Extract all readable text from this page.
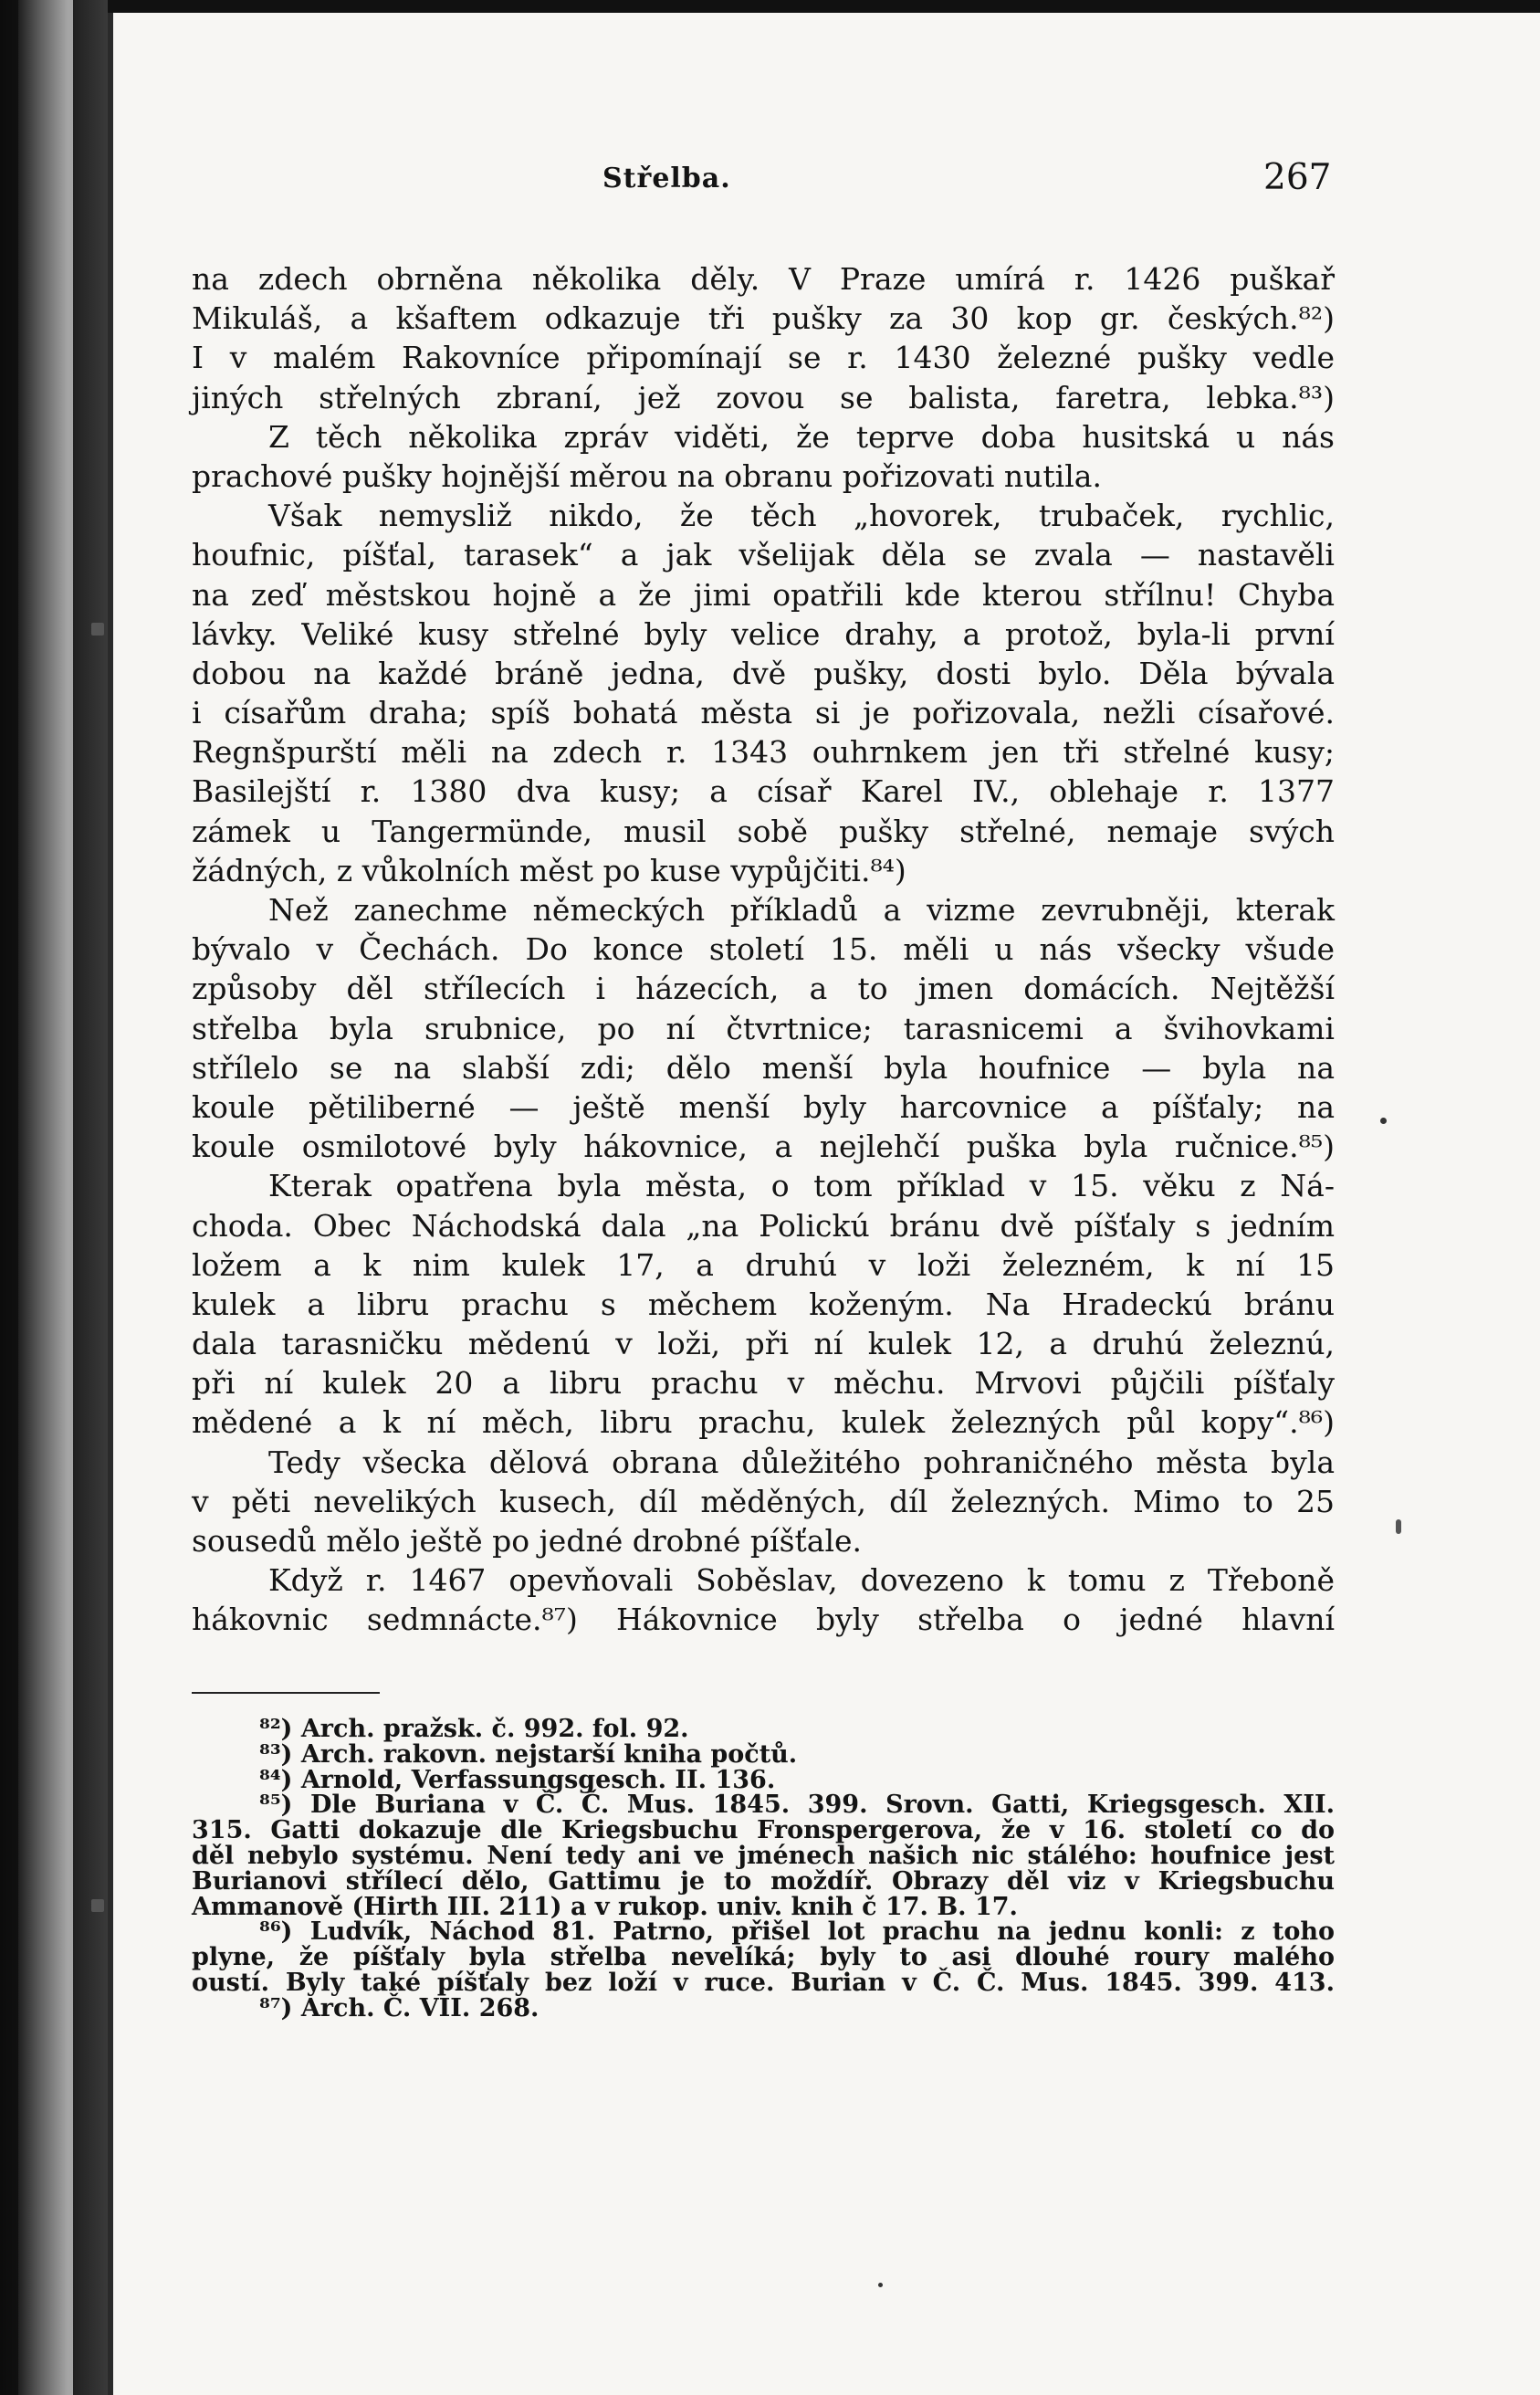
Střelba.	267
na zdech obrněna několika děly. V Praze umírá r. 1426 puškař
Mikuláš, a kšaftem odkazuje tři pušky za 30 kop gr. českých.⁸²)
I v malém Rakovníce připomínají se r. 1430 železné pušky vedle
jiných střelných zbraní, jež zovou se balista, faretra, lebka.⁸³)
Z těch několika zpráv viděti, že teprve doba husitská u nás
prachové pušky hojnější měrou na obranu pořizovati nutila.
Však nemysliž nikdo, že těch „hovorek, trubaček, rychlic,
houfnic, píšťal, tarasek“ a jak všelijak děla se zvala — nastavěli
na zeď městskou hojně a že jimi opatřili kde kterou střílnu! Chyba
lávky. Veliké kusy střelné byly velice drahy, a protož, byla-li první
dobou na každé bráně jedna, dvě pušky, dosti bylo. Děla bývala
i císařům draha; spíš bohatá města si je pořizovala, nežli císařové.
Regnšpurští měli na zdech r. 1343 ouhrnkem jen tři střelné kusy;
Basilejští r. 1380 dva kusy; a císař Karel IV., oblehaje r. 1377
zámek u Tangermünde, musil sobě pušky střelné, nemaje svých
žádných, z vůkolních měst po kuse vypůjčiti.⁸⁴)
Než zanechme německých příkladů a vizme zevrubněji, kterak
bývalo v Čechách. Do konce století 15. měli u nás všecky všude
způsoby děl střílecích i házecích, a to jmen domácích. Nejtěžší
střelba byla srubnice, po ní čtvrtnice; tarasnicemi a švihovkami
střílelo se na slabší zdi; dělo menší byla houfnice — byla na
koule pětiliberné — ještě menší byly harcovnice a píšťaly; na
koule osmilotové byly hákovnice, a nejlehčí puška byla ručnice.⁸⁵)
Kterak opatřena byla města, o tom příklad v 15. věku z Ná-
choda. Obec Náchodská dala „na Polickú bránu dvě píšťaly s jedním
ložem a k nim kulek 17, a druhú v loži železném, k ní 15
kulek a libru prachu s měchem koženým. Na Hradeckú bránu
dala tarasničku mědenú v loži, při ní kulek 12, a druhú železnú,
při ní kulek 20 a libru prachu v měchu. Mrvovi půjčili píšťaly
mědené a k ní měch, libru prachu, kulek železných půl kopy“.⁸⁶)
Tedy všecka dělová obrana důležitého pohraničného města byla
v pěti nevelikých kusech, díl měděných, díl železných. Mimo to 25
sousedů mělo ještě po jedné drobné píšťale.
Když r. 1467 opevňovali Soběslav, dovezeno k tomu z Třeboně
hákovnic sedmnácte.⁸⁷) Hákovnice byly střelba o jedné hlavní
⁸²) Arch. pražsk. č. 992. fol. 92.
⁸³) Arch. rakovn. nejstarší kniha počtů.
⁸⁴) Arnold, Verfassungsgesch. II. 136.
⁸⁵) Dle Buriana v Č. Č. Mus. 1845. 399. Srovn. Gatti, Kriegsgesch. XII.
315. Gatti dokazuje dle Kriegsbuchu Fronspergerova, že v 16. století co do
děl nebylo systému. Není tedy ani ve jménech našich nic stálého: houfnice jest
Burianovi střílecí dělo, Gattimu je to moždíř. Obrazy děl viz v Kriegsbuchu
Ammanově (Hirth III. 211) a v rukop. univ. knih č 17. B. 17.
⁸⁶) Ludvík, Náchod 81. Patrno, přišel lot prachu na jednu konli: z toho
plyne, že píšťaly byla střelba nevelíká; byly to asi dlouhé roury malého
oustí. Byly také píšťaly bez loží v ruce. Burian v Č. Č. Mus. 1845. 399. 413.
⁸⁷) Arch. Č. VII. 268.
